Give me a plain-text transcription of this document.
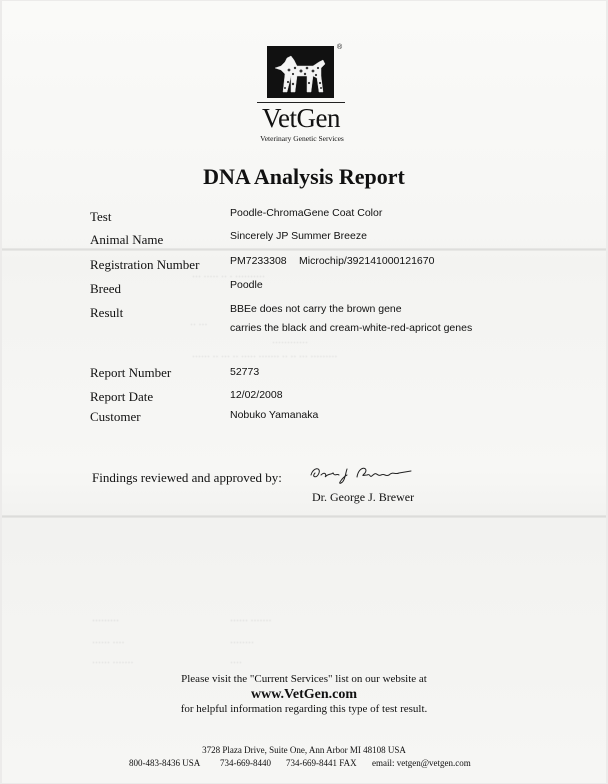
®
VetGen
Veterinary Genetic Services
DNA Analysis Report
Test	Poodle-ChromaGene Coat Color
Animal Name	Sincerely JP Summer Breeze
Registration Number	PM7233308 Microchip/392141000121670
Breed	Poodle
Result	BBEe does not carry the brown gene
carries the black and cream-white-red-apricot genes
··· ····· ·· · ··········
·· ···
············
······ ·· ··· ·· ····· ······· ·· ·· ··· ·········
Report Number	52773
Report Date	12/02/2008
Customer	Nobuko Yamanaka
Findings reviewed and approved by:
Dr. George J. Brewer
·········	······ ·······
······ ····	········
······ ·······	····
Please visit the "Current Services" list on our website at
www.VetGen.com
for helpful information regarding this type of test result.
3728 Plaza Drive, Suite One, Ann Arbor MI 48108 USA
800-483-8436 USA 734-669-8440 734-669-8441 FAX email: vetgen@vetgen.com
